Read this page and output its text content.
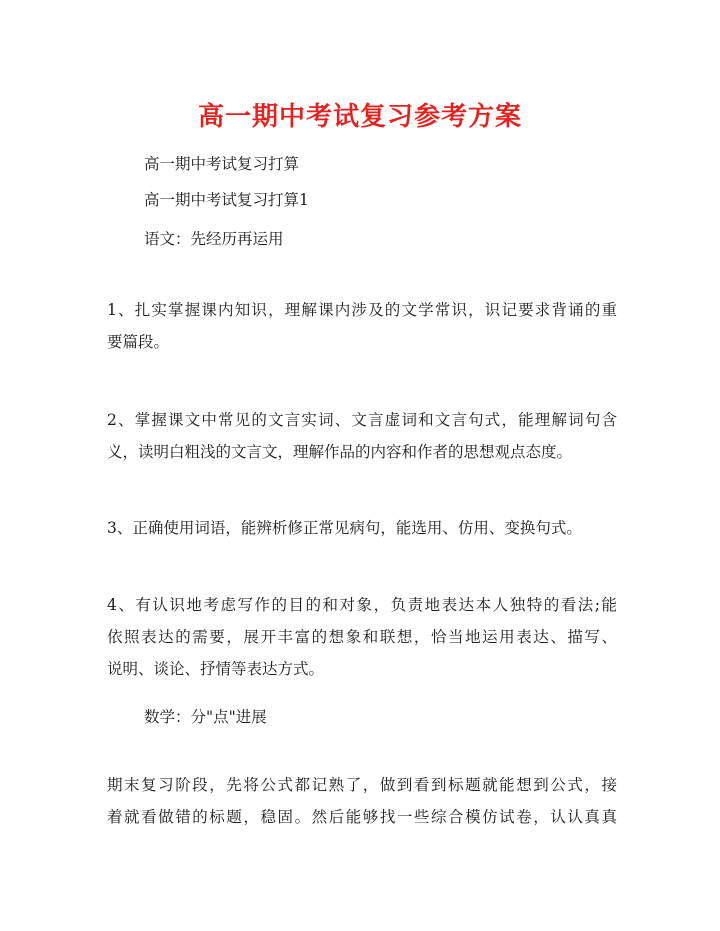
高一期中考试复习参考方案
高一期中考试复习打算
高一期中考试复习打算1
语文：先经历再运用
1、扎实掌握课内知识，理解课内涉及的文学常识，识记要求背诵的重
要篇段。
2、掌握课文中常见的文言实词、文言虚词和文言句式，能理解词句含
义，读明白粗浅的文言文，理解作品的内容和作者的思想观点态度。
3、正确使用词语，能辨析修正常见病句，能选用、仿用、变换句式。
4、有认识地考虑写作的目的和对象，负责地表达本人独特的看法;能
依照表达的需要，展开丰富的想象和联想，恰当地运用表达、描写、
说明、谈论、抒情等表达方式。
数学：分"点"进展
期末复习阶段，先将公式都记熟了，做到看到标题就能想到公式，接
着就看做错的标题，稳固。然后能够找一些综合模仿试卷，认认真真
